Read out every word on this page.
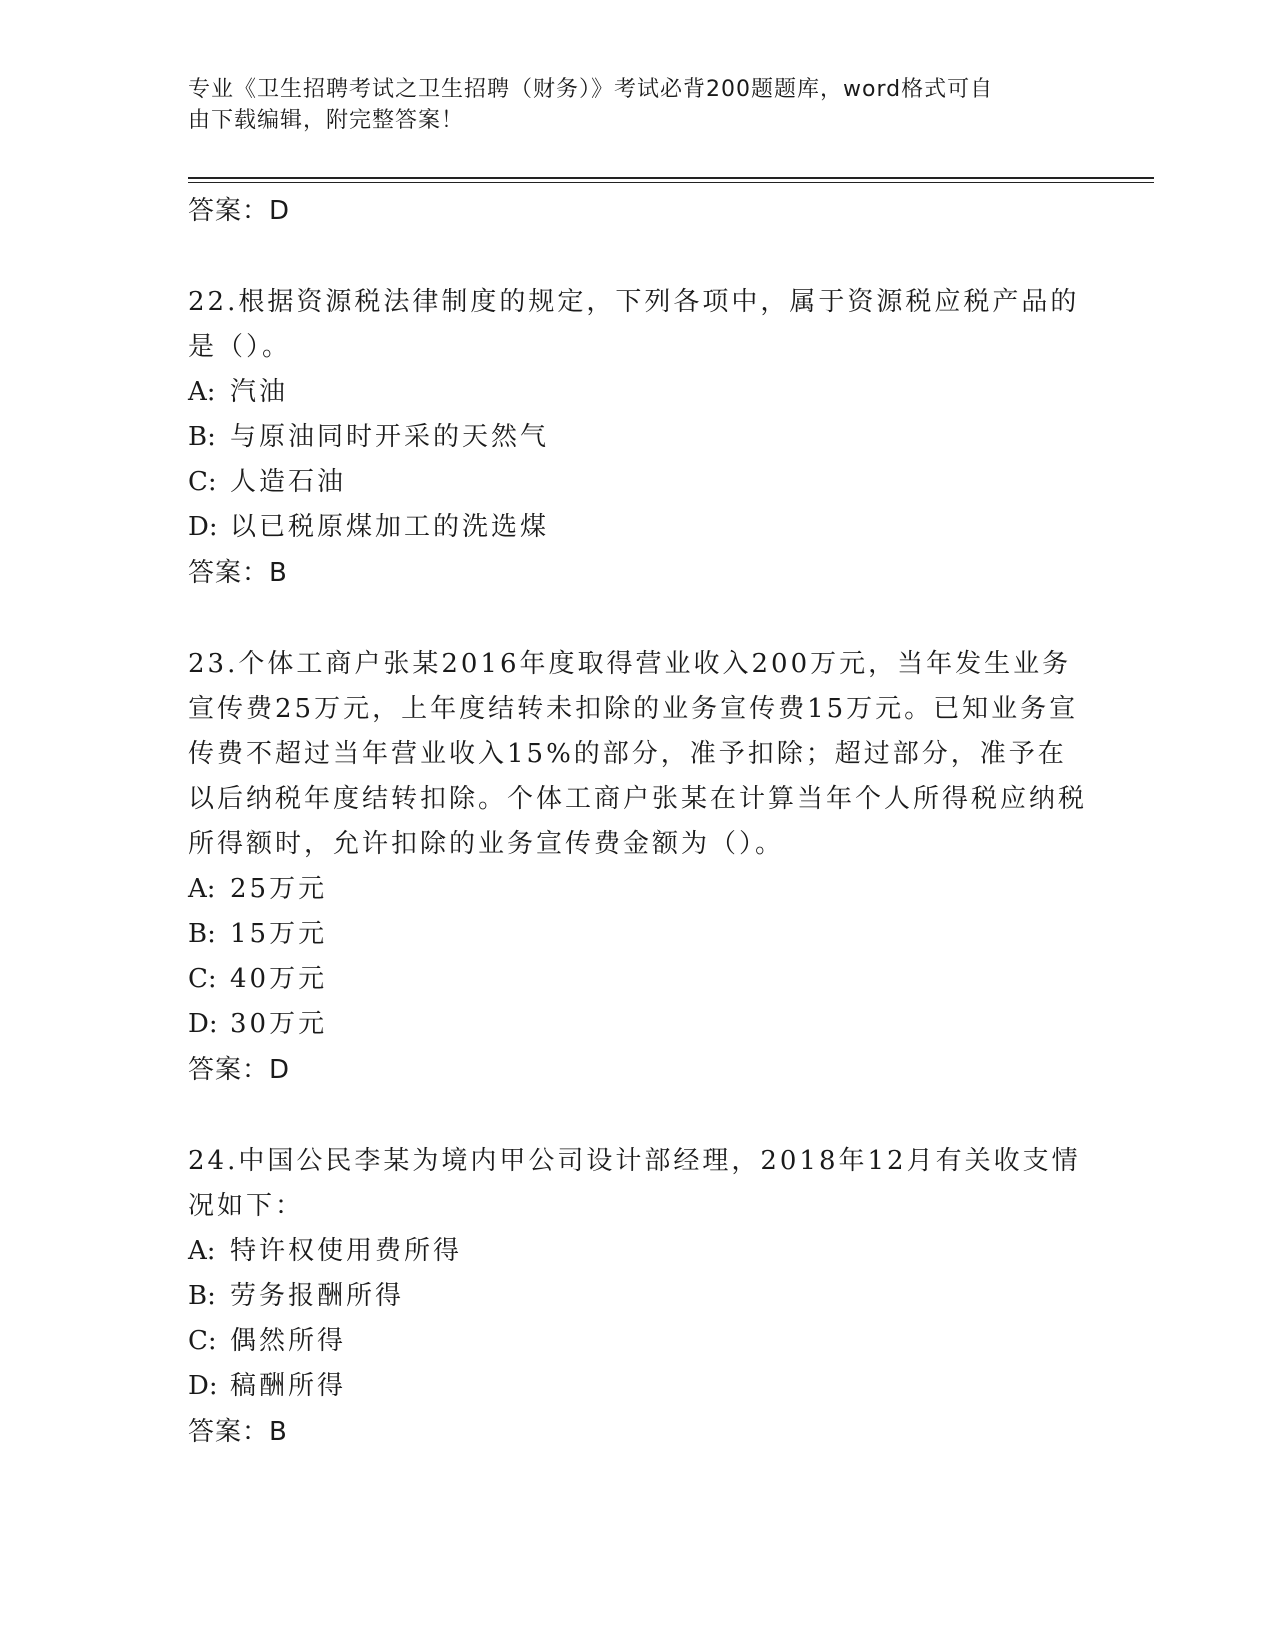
专业《卫生招聘考试之卫生招聘（财务）》考试必背200题题库，word格式可自
由下载编辑，附完整答案！
答案：D

22.根据资源税法律制度的规定，下列各项中，属于资源税应税产品的是（）。

A: 汽油
B: 与原油同时开采的天然气
C: 人造石油
D: 以已税原煤加工的洗选煤
答案：B

23.个体工商户张某2016年度取得营业收入200万元，当年发生业务宣传费25万元，上年度结转未扣除的业务宣传费15万元。已知业务宣传费不超过当年营业收入15%的部分，准予扣除；超过部分，准予在以后纳税年度结转扣除。个体工商户张某在计算当年个人所得税应纳税所得额时，允许扣除的业务宣传费金额为（）。

A: 25万元
B: 15万元
C: 40万元
D: 30万元
答案：D

24.中国公民李某为境内甲公司设计部经理，2018年12月有关收支情况如下：

A: 特许权使用费所得
B: 劳务报酬所得
C: 偶然所得
D: 稿酬所得
答案：B
